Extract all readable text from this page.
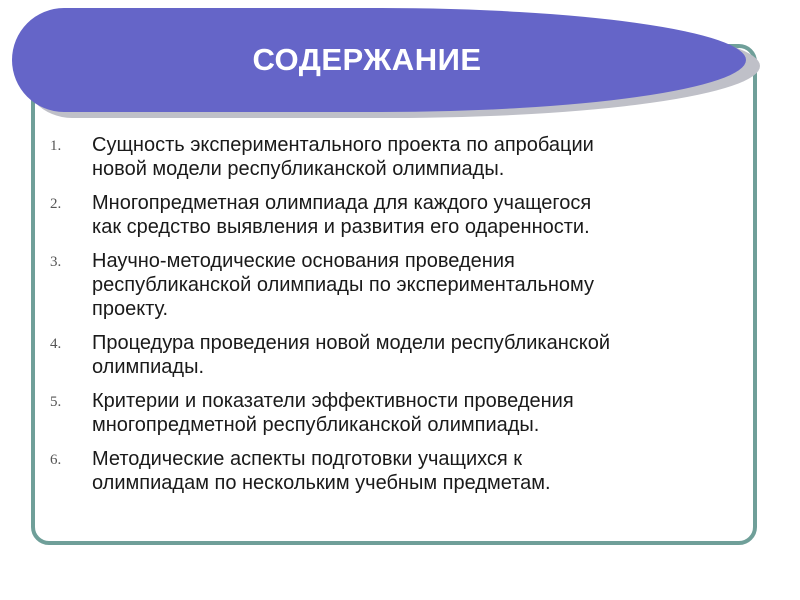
СОДЕРЖАНИЕ
1.	Сущность экспериментального проекта по апробации
новой модели республиканской олимпиады.
2.	Многопредметная олимпиада для каждого учащегося
как средство выявления и развития его одаренности.
3.	Научно-методические основания проведения
республиканской олимпиады по экспериментальному
проекту.
4.	Процедура проведения новой модели республиканской
олимпиады.
5.	Критерии и показатели эффективности проведения
многопредметной республиканской олимпиады.
6.	Методические аспекты подготовки учащихся к
олимпиадам по нескольким учебным предметам.
